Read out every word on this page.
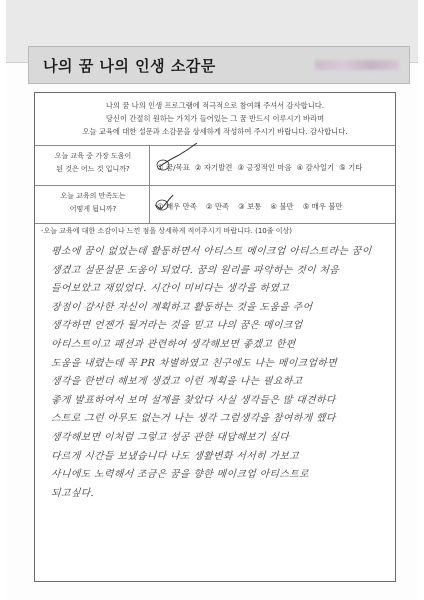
나의 꿈 나의 인생 소감문
나의 꿈 나의 인생 프로그램에 적극적으로 참여해 주셔서 감사합니다.
당신이 간절히 원하는 가치가 들어있는 그 꿈 반드시 이루시기 바라며
오늘 교육에 대한 설문과 소감문을 상세하게 작성하여 주시기 바랍니다. 감사합니다.
오늘 교육 중 가장 도움이
된 것은 어느 것 입니까?	① 꿈/목표 ② 자기발견 ③ 긍정적인 마음 ④ 감사일기 ⑤ 기타
오늘 교육의 만족도는
어떻게 됩니까?	① 매우 만족 ② 만족 ③ 보통 ④ 불만 ⑤ 매우 불만
-오늘 교육에 대한 소감이나 느낀 점을 상세하게 적어주시기 바랍니다. (10줄 이상)
평소에 꿈이 없었는데 활동하면서 아티스트 메이크업 아티스트라는 꿈이
생겼고 설문설문 도움이 되었다. 꿈의 원리를 파악하는 것이 처음
들어보았고 재밌었다. 시간이 미비다는 생각을 하였고
장점이 감사한 자신이 계획하고 활동하는 것을 도움을 주어
생각하면 언젠가 될거라는 것을 믿고 나의 꿈은 메이크업
아티스트이고 패션과 관련하여 생각해보면 좋겠고 한편
도움을 내렸는데 꼭 PR 차별하였고 친구에도 나는 메이크업하면
생각을 한번더 해보게 생겼고 이런 계획을 나는 필요하고
좋게 발표하여서 보며 설계를 찾았다 사실 생각들은 많 대견하다
스트로 그런 아무도 없는거 나는 생각 그럼생각을 참여하게 했다
생각해보면 이처럼 그렇고 성공 관한 대답해보기 싶다
다르게 시간들 보냈습니다 나도 생활변화 서서히 가보고
사니에도 노력해서 조금은 꿈을 향한 메이크업 아티스트로
되고싶다.
